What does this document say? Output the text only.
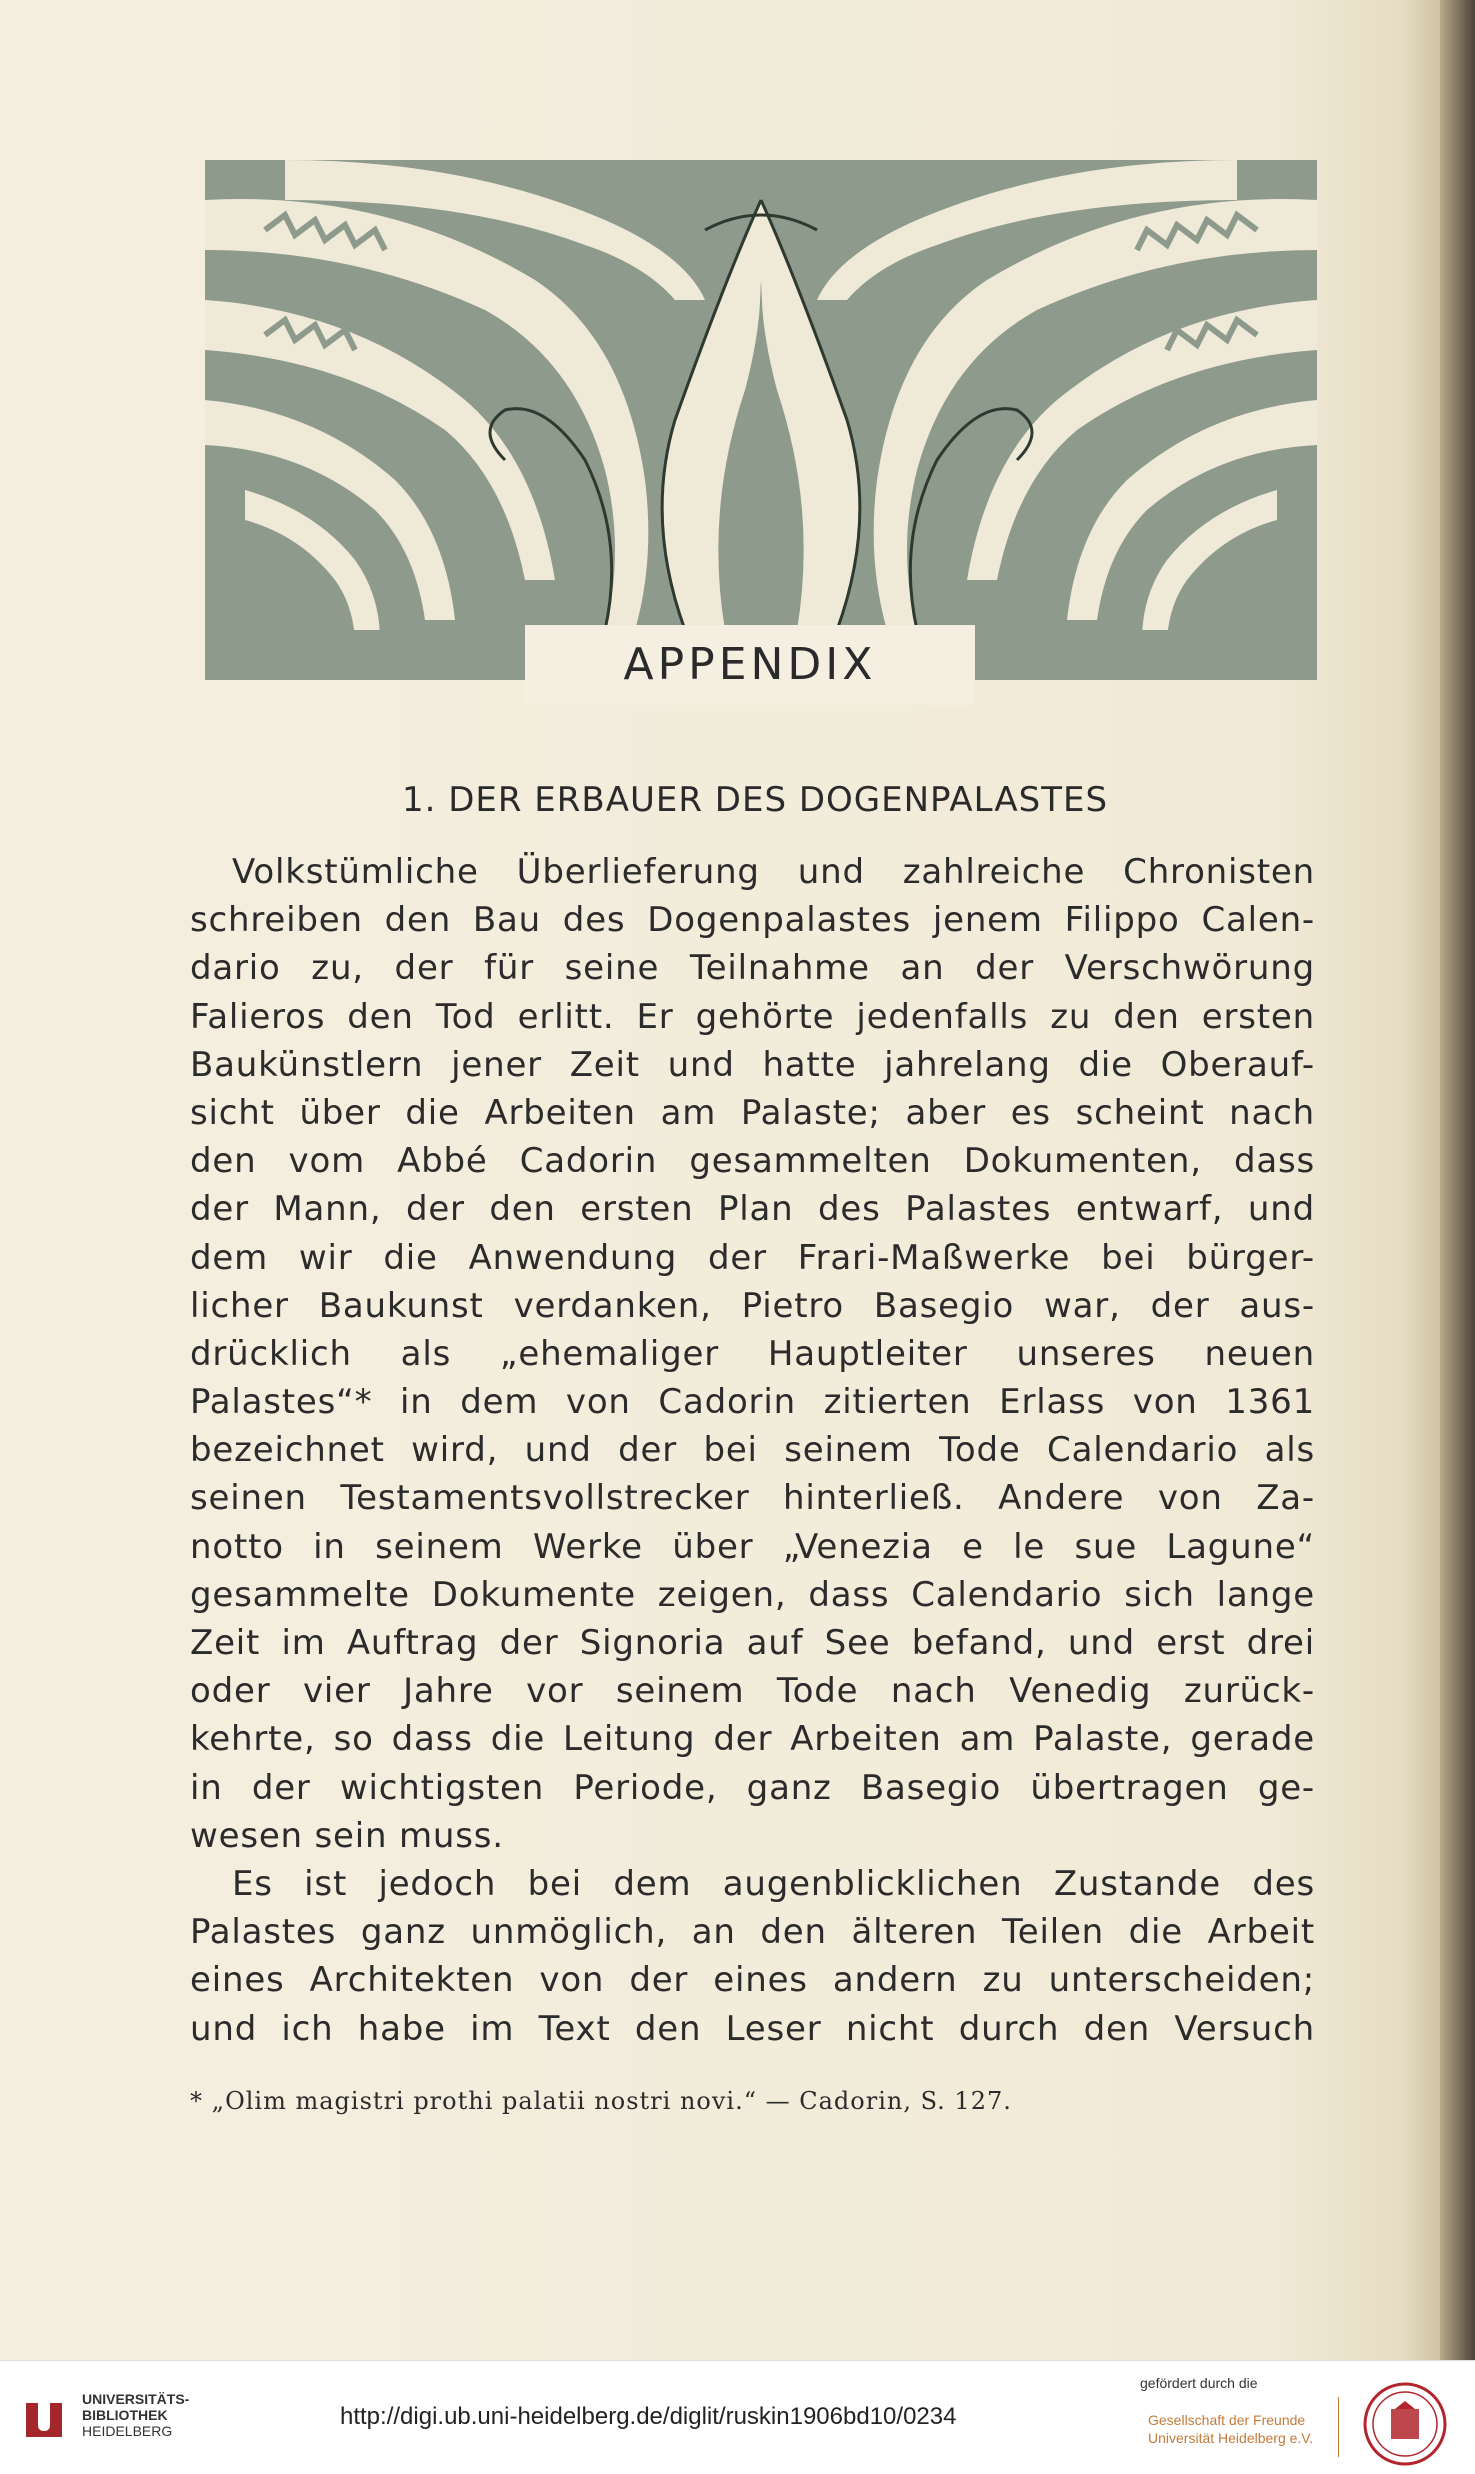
APPENDIX
1. DER ERBAUER DES DOGENPALASTES
Volkstümliche Überlieferung und zahlreiche Chronisten
schreiben den Bau des Dogenpalastes jenem Filippo Calen-
dario zu, der für seine Teilnahme an der Verschwörung
Falieros den Tod erlitt. Er gehörte jedenfalls zu den ersten
Baukünstlern jener Zeit und hatte jahrelang die Oberauf-
sicht über die Arbeiten am Palaste; aber es scheint nach
den vom Abbé Cadorin gesammelten Dokumenten, dass
der Mann, der den ersten Plan des Palastes entwarf, und
dem wir die Anwendung der Frari-Maßwerke bei bürger-
licher Baukunst verdanken, Pietro Basegio war, der aus-
drücklich als „ehemaliger Hauptleiter unseres neuen
Palastes“* in dem von Cadorin zitierten Erlass von 1361
bezeichnet wird, und der bei seinem Tode Calendario als
seinen Testamentsvollstrecker hinterließ. Andere von Za-
notto in seinem Werke über „Venezia e le sue Lagune“
gesammelte Dokumente zeigen, dass Calendario sich lange
Zeit im Auftrag der Signoria auf See befand, und erst drei
oder vier Jahre vor seinem Tode nach Venedig zurück-
kehrte, so dass die Leitung der Arbeiten am Palaste, gerade
in der wichtigsten Periode, ganz Basegio übertragen ge-
wesen sein muss.
Es ist jedoch bei dem augenblicklichen Zustande des
Palastes ganz unmöglich, an den älteren Teilen die Arbeit
eines Architekten von der eines andern zu unterscheiden;
und ich habe im Text den Leser nicht durch den Versuch
* „Olim magistri prothi palatii nostri novi.“ — Cadorin, S. 127.
UNIVERSITÄTS-
BIBLIOTHEK
HEIDELBERG
http://digi.ub.uni-heidelberg.de/diglit/ruskin1906bd10/0234
gefördert durch die
Gesellschaft der Freunde
Universität Heidelberg e.V.
